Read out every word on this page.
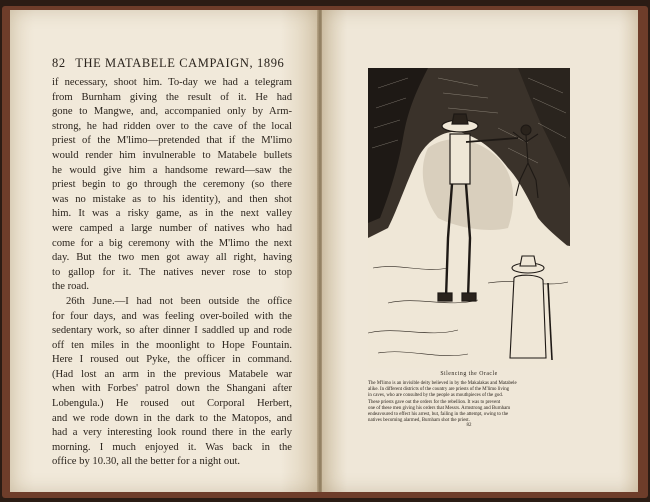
82 THE MATABELE CAMPAIGN, 1896
if necessary, shoot him. To-day we had a telegram
from Burnham giving the result of it. He had
gone to Mangwe, and, accompanied only by Arm-
strong, he had ridden over to the cave of the local
priest of the M'limo—pretended that if the M'limo
would render him invulnerable to Matabele bullets
he would give him a handsome reward—saw the
priest begin to go through the ceremony (so there
was no mistake as to his identity), and then shot
him. It was a risky game, as in the next valley
were camped a large number of natives who had
come for a big ceremony with the M'limo the next
day. But the two men got away all right, having
to gallop for it. The natives never rose to stop
the road.
26th June.—I had not been outside the office
for four days, and was feeling over-boiled with the
sedentary work, so after dinner I saddled up and rode
off ten miles in the moonlight to Hope Fountain.
Here I roused out Pyke, the officer in command.
(Had lost an arm in the previous Matabele war
when with Forbes' patrol down the Shangani after
Lobengula.) He roused out Corporal Herbert,
and we rode down in the dark to the Matopos, and
had a very interesting look round there in the early
morning. I much enjoyed it. Was back in the
office by 10.30, all the better for a night out.
Silencing the Oracle
The M'limo is an invisible deity believed in by the Makalakas and Matabele
alike. In different districts of the country are priests of the M'limo living
in caves, who are consulted by the people as mouthpieces of the god.
These priests gave out the orders for the rebellion. It was to prevent
one of these men giving his orders that Messrs. Armstrong and Burnham
endeavoured to effect his arrest, but, failing in the attempt, owing to the
natives becoming alarmed, Burnham shot the priest.
82
